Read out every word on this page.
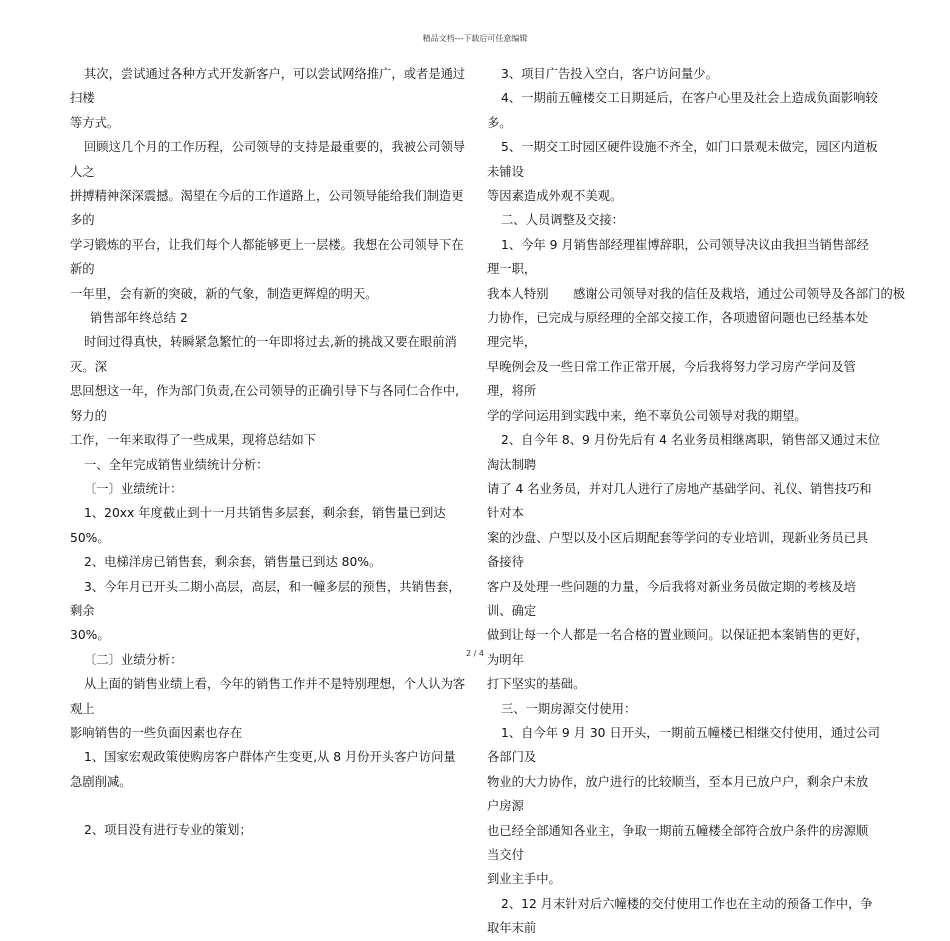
精品文档---下载后可任意编辑

其次，尝试通过各种方式开发新客户，可以尝试网络推广，或者是通过扫楼

等方式。

回顾这几个月的工作历程，公司领导的支持是最重要的，我被公司领导人之

拼搏精神深深震撼。渴望在今后的工作道路上，公司领导能给我们制造更多的

学习锻炼的平台，让我们每个人都能够更上一层楼。我想在公司领导下在新的

一年里，会有新的突破，新的气象，制造更辉煌的明天。

销售部年终总结 2

时间过得真快，转瞬紧急繁忙的一年即将过去,新的挑战又要在眼前消灭。深

思回想这一年，作为部门负责,在公司领导的正确引导下与各同仁合作中,努力的

工作，一年来取得了一些成果，现将总结如下

一、全年完成销售业绩统计分析：

〔一〕业绩统计：

1、20xx 年度截止到十一月共销售多层套，剩余套，销售量已到达 50%。

2、电梯洋房已销售套，剩余套，销售量已到达 80%。

3、今年月已开头二期小高层，高层，和一幢多层的预售，共销售套，剩余

30%。

〔二〕业绩分析：

从上面的销售业绩上看，今年的销售工作并不是特别理想，个人认为客观上

影响销售的一些负面因素也存在

1、国家宏观政策使购房客户群体产生变更,从 8 月份开头客户访问量急剧削减。

2、项目没有进行专业的策划；

3、项目广告投入空白，客户访问量少。

4、一期前五幢楼交工日期延后，在客户心里及社会上造成负面影响较多。

5、一期交工时园区硬件设施不齐全，如门口景观未做完，园区内道板未铺设

等因素造成外观不美观。

二、人员调整及交接：

1、今年 9 月销售部经理崔博辞职，公司领导决议由我担当销售部经理一职，

我本人特别　　感谢公司领导对我的信任及栽培，通过公司领导及各部门的极

力协作，已完成与原经理的全部交接工作，各项遗留问题也已经基本处理完毕，

早晚例会及一些日常工作正常开展，今后我将努力学习房产学问及管理，将所

学的学问运用到实践中来，绝不辜负公司领导对我的期望。

2、自今年 8、9 月份先后有 4 名业务员相继离职，销售部又通过末位淘汰制聘

请了 4 名业务员，并对几人进行了房地产基础学问、礼仪、销售技巧和针对本

案的沙盘、户型以及小区后期配套等学问的专业培训，现新业务员已具备接待

客户及处理一些问题的力量，今后我将对新业务员做定期的考核及培训、确定

做到让每一个人都是一名合格的置业顾问。以保证把本案销售的更好，为明年

打下坚实的基础。

三、一期房源交付使用：

1、自今年 9 月 30 日开头，一期前五幢楼已相继交付使用，通过公司各部门及

物业的大力协作，放户进行的比较顺当，至本月已放户户，剩余户未放户房源

也已经全部通知各业主，争取一期前五幢楼全部符合放户条件的房源顺当交付

到业主手中。

2、12 月末针对后六幢楼的交付使用工作也在主动的预备工作中，争取年末前

2 / 4
